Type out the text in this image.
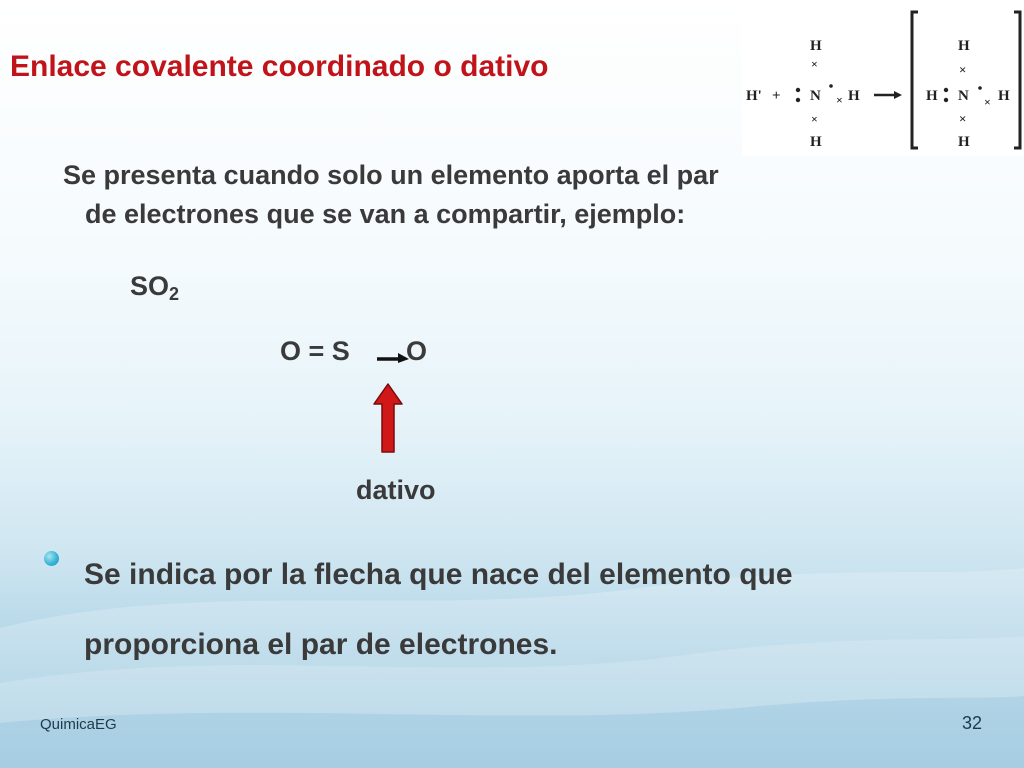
Enlace covalente coordinado o dativo
H
×
H' + N × H
×
H
H
×
H N × H
×
H
Se presenta cuando solo un elemento aporta el par
de electrones que se van a compartir, ejemplo:
$SO_2$
O = S O
dativo
Se indica por la flecha que nace del elemento que
proporciona el par de electrones.
QuimicaEG	32
